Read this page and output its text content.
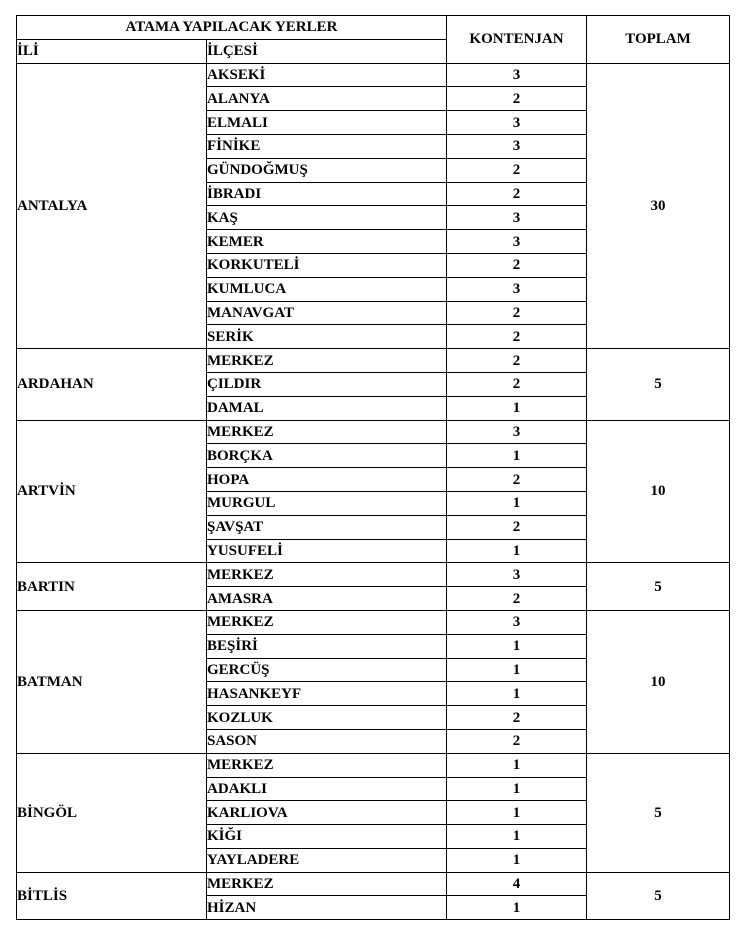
ATAMA YAPILACAK YERLER		KONTENJAN	TOPLAM
İLİ	İLÇESİ		
ANTALYA	AKSEKİ	3	30
	ALANYA	2	
	ELMALI	3	
	FİNİKE	3	
	GÜNDOĞMUŞ	2	
	İBRADI	2	
	KAŞ	3	
	KEMER	3	
	KORKUTELİ	2	
	KUMLUCA	3	
	MANAVGAT	2	
	SERİK	2	
ARDAHAN	MERKEZ	2	5
	ÇILDIR	2	
	DAMAL	1	
ARTVİN	MERKEZ	3	10
	BORÇKA	1	
	HOPA	2	
	MURGUL	1	
	ŞAVŞAT	2	
	YUSUFELİ	1	
BARTIN	MERKEZ	3	5
	AMASRA	2	
BATMAN	MERKEZ	3	10
	BEŞİRİ	1	
	GERCÜŞ	1	
	HASANKEYF	1	
	KOZLUK	2	
	SASON	2	
BİNGÖL	MERKEZ	1	5
	ADAKLI	1	
	KARLIOVA	1	
	KİĞI	1	
	YAYLADERE	1	
BİTLİS	MERKEZ	4	5
	HİZAN	1	
